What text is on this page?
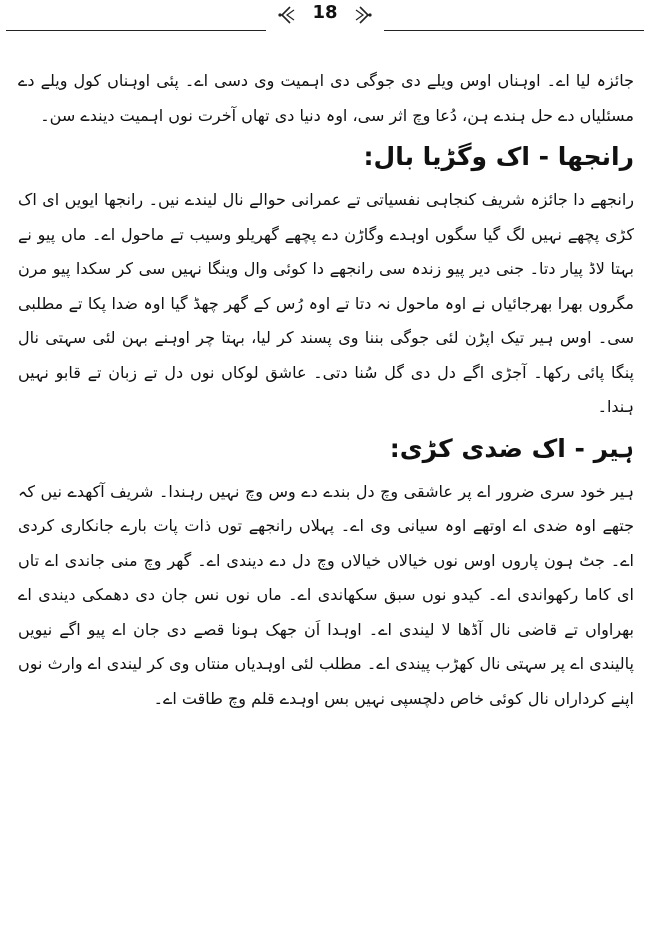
18

جائزہ لیا اے۔ اوہناں اوس ویلے دی جوگی دی اہمیت وی دسی اے۔ پئی اوہناں کول ویلے دے مسئلیاں دے حل ہندے ہن، دُعا وچ اثر سی، اوہ دنیا دی تھاں آخرت نوں اہمیت دیندے سن۔

رانجھا - اک وگڑیا بال:

رانجھے دا جائزہ شریف کنجاہی نفسیاتی تے عمرانی حوالے نال لیندے نیں۔ رانجھا ایویں ای اک کڑی پچھے نہیں لگ گیا سگوں اوہدے وگاڑن دے پچھے گھریلو وسیب تے ماحول اے۔ ماں پیو نے بہتا لاڈ پیار دتا۔ جنی دیر پیو زندہ سی رانجھے دا کوئی وال وینگا نہیں سی کر سکدا پیو مرن مگروں بھرا بھرجائیاں نے اوہ ماحول نہ دتا تے اوہ رُس کے گھر چھڈ گیا اوہ ضدا پکا تے مطلبی سی۔ اوس ہیر تیک اپڑن لئی جوگی بننا وی پسند کر لیا، بہتا چر اوہنے بہن لئی سہتی نال پنگا پائی رکھا۔ آجڑی اگے دل دی گل سُنا دتی۔ عاشق لوکاں نوں دل تے زبان تے قابو نہیں ہندا۔

ہیر - اک ضدی کڑی:

ہیر خود سری ضرور اے پر عاشقی وچ دل بندے دے وس وچ نہیں رہندا۔ شریف آکھدے نیں کہ جتھے اوہ ضدی اے اوتھے اوہ سیانی وی اے۔ پہلاں رانجھے توں ذات پات بارے جانکاری کردی اے۔ جٹ ہون پاروں اوس نوں خیالاں خیالاں وچ دل دے دیندی اے۔ گھر وچ منی جاندی اے تاں ای کاما رکھواندی اے۔ کیدو نوں سبق سکھاندی اے۔ ماں نوں نس جان دی دھمکی دیندی اے بھراواں تے قاضی نال آڈھا لا لیندی اے۔ اوہدا اَن جھک ہونا قصے دی جان اے پیو اگے نیویں پالیندی اے پر سہتی نال کھڑب پیندی اے۔ مطلب لئی اوہدیاں منتاں وی کر لیندی اے وارث نوں اپنے کرداراں نال کوئی خاص دلچسپی نہیں بس اوہدے قلم وچ طاقت اے۔
